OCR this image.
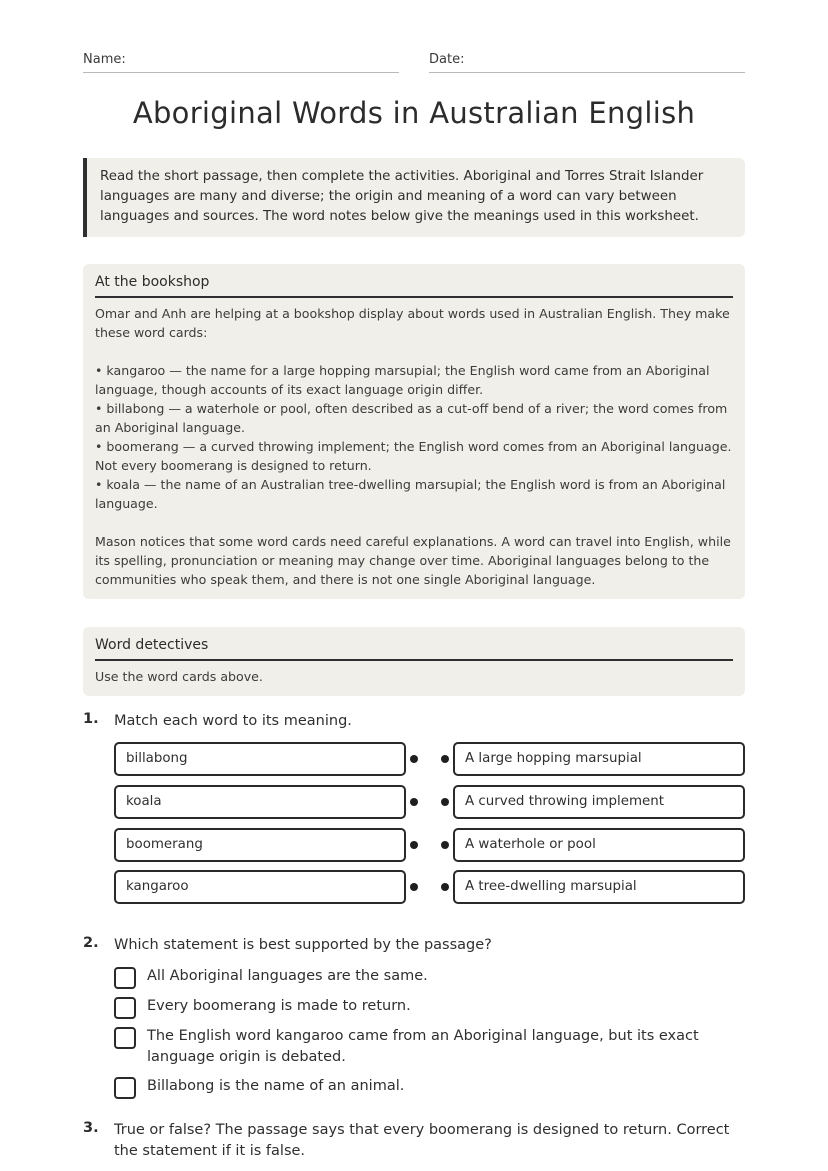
Name:	Date:
Aboriginal Words in Australian English
Read the short passage, then complete the activities. Aboriginal and Torres Strait Islander languages are many and diverse; the origin and meaning of a word can vary between languages and sources. The word notes below give the meanings used in this worksheet.
At the bookshop

Omar and Anh are helping at a bookshop display about words used in Australian English. They make these word cards:

• kangaroo — the name for a large hopping marsupial; the English word came from an Aboriginal language, though accounts of its exact language origin differ.

• billabong — a waterhole or pool, often described as a cut-off bend of a river; the word comes from an Aboriginal language.

• boomerang — a curved throwing implement; the English word comes from an Aboriginal language. Not every boomerang is designed to return.

• koala — the name of an Australian tree-dwelling marsupial; the English word is from an Aboriginal language.

Mason notices that some word cards need careful explanations. A word can travel into English, while its spelling, pronunciation or meaning may change over time. Aboriginal languages belong to the communities who speak them, and there is not one single Aboriginal language.

Word detectives
Use the word cards above.
1. Match each word to its meaning.
billabong	A large hopping marsupial
koala	A curved throwing implement
boomerang	A waterhole or pool
kangaroo	A tree-dwelling marsupial
2. Which statement is best supported by the passage?
All Aboriginal languages are the same.
Every boomerang is made to return.
The English word kangaroo came from an Aboriginal language, but its exact language origin is debated.
Billabong is the name of an animal.
3. True or false? The passage says that every boomerang is designed to return. Correct the statement if it is false.
